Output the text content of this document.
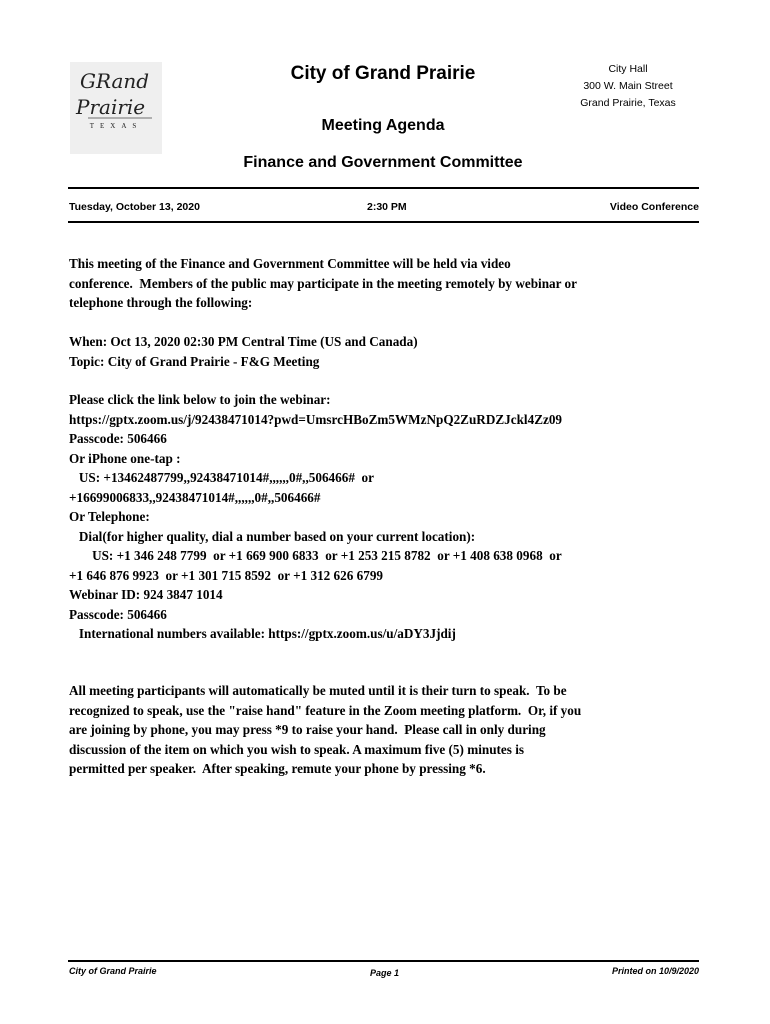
GRand
Prairie
TEXAS
City of Grand Prairie	City Hall
300 W. Main Street
Grand Prairie, Texas
Meeting Agenda
Finance and Government Committee
Tuesday, October 13, 2020	2:30 PM	Video Conference

This meeting of the Finance and Government Committee will be held via video

conference.  Members of the public may participate in the meeting remotely by webinar or

telephone through the following:

When: Oct 13, 2020 02:30 PM Central Time (US and Canada)

Topic: City of Grand Prairie - F&G Meeting

Please click the link below to join the webinar:

https://gptx.zoom.us/j/92438471014?pwd=UmsrcHBoZm5WMzNpQ2ZuRDZJckl4Zz09

Passcode: 506466

Or iPhone one-tap :

US: +13462487799,,92438471014#,,,,,,0#,,506466#  or

+16699006833,,92438471014#,,,,,,0#,,506466#

Or Telephone:

Dial(for higher quality, dial a number based on your current location):

US: +1 346 248 7799  or +1 669 900 6833  or +1 253 215 8782  or +1 408 638 0968  or

+1 646 876 9923  or +1 301 715 8592  or +1 312 626 6799

Webinar ID: 924 3847 1014

Passcode: 506466

International numbers available: https://gptx.zoom.us/u/aDY3Jjdij

All meeting participants will automatically be muted until it is their turn to speak.  To be

recognized to speak, use the "raise hand" feature in the Zoom meeting platform.  Or, if you

are joining by phone, you may press *9 to raise your hand.  Please call in only during

discussion of the item on which you wish to speak. A maximum five (5) minutes is

permitted per speaker.  After speaking, remute your phone by pressing *6.

City of Grand Prairie	Page 1	Printed on 10/9/2020
